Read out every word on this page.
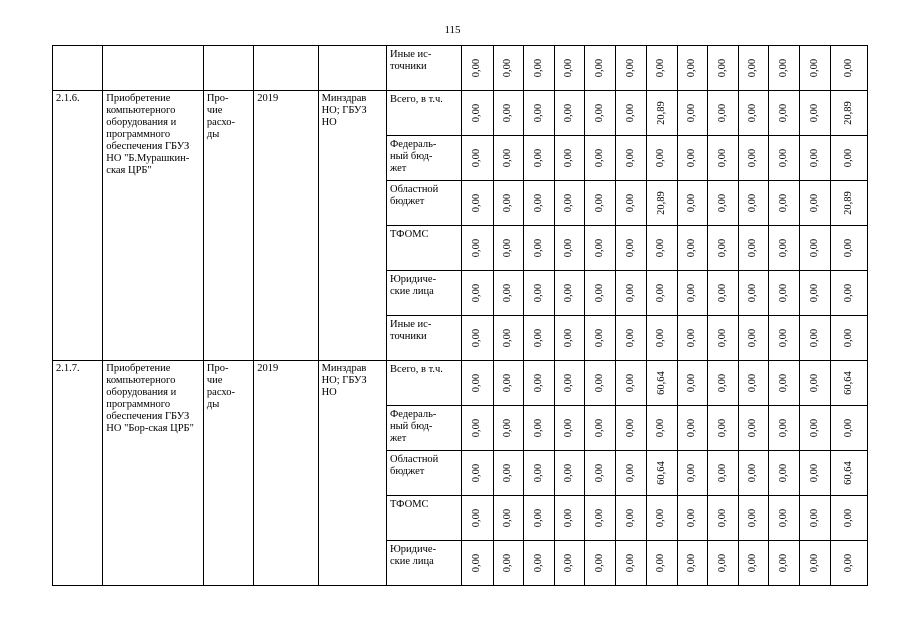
115
					Иные ис-
точники	0,00	0,00	0,00	0,00	0,00	0,00	0,00	0,00	0,00	0,00	0,00	0,00	0,00
2.1.6.	Приобретение компьютерного оборудования и программного обеспечения ГБУЗ НО "Б.Мурашкин-ская ЦРБ"	Про-
чие
расхо-
ды	2019	Минздрав НО; ГБУЗ НО	Всего, в т.ч.	0,00	0,00	0,00	0,00	0,00	0,00	20,89	0,00	0,00	0,00	0,00	0,00	20,89
					Федераль-
ный бюд-
жет	0,00	0,00	0,00	0,00	0,00	0,00	0,00	0,00	0,00	0,00	0,00	0,00	0,00
					Областной
бюджет	0,00	0,00	0,00	0,00	0,00	0,00	20,89	0,00	0,00	0,00	0,00	0,00	20,89
					ТФОМС	0,00	0,00	0,00	0,00	0,00	0,00	0,00	0,00	0,00	0,00	0,00	0,00	0,00
					Юридиче-
ские лица	0,00	0,00	0,00	0,00	0,00	0,00	0,00	0,00	0,00	0,00	0,00	0,00	0,00
					Иные ис-
точники	0,00	0,00	0,00	0,00	0,00	0,00	0,00	0,00	0,00	0,00	0,00	0,00	0,00
2.1.7.	Приобретение компьютерного оборудования и программного обеспечения ГБУЗ НО "Бор-ская ЦРБ"	Про-
чие
расхо-
ды	2019	Минздрав НО; ГБУЗ НО	Всего, в т.ч.	0,00	0,00	0,00	0,00	0,00	0,00	60,64	0,00	0,00	0,00	0,00	0,00	60,64
					Федераль-
ный бюд-
жет	0,00	0,00	0,00	0,00	0,00	0,00	0,00	0,00	0,00	0,00	0,00	0,00	0,00
					Областной
бюджет	0,00	0,00	0,00	0,00	0,00	0,00	60,64	0,00	0,00	0,00	0,00	0,00	60,64
					ТФОМС	0,00	0,00	0,00	0,00	0,00	0,00	0,00	0,00	0,00	0,00	0,00	0,00	0,00
					Юридиче-
ские лица	0,00	0,00	0,00	0,00	0,00	0,00	0,00	0,00	0,00	0,00	0,00	0,00	0,00
